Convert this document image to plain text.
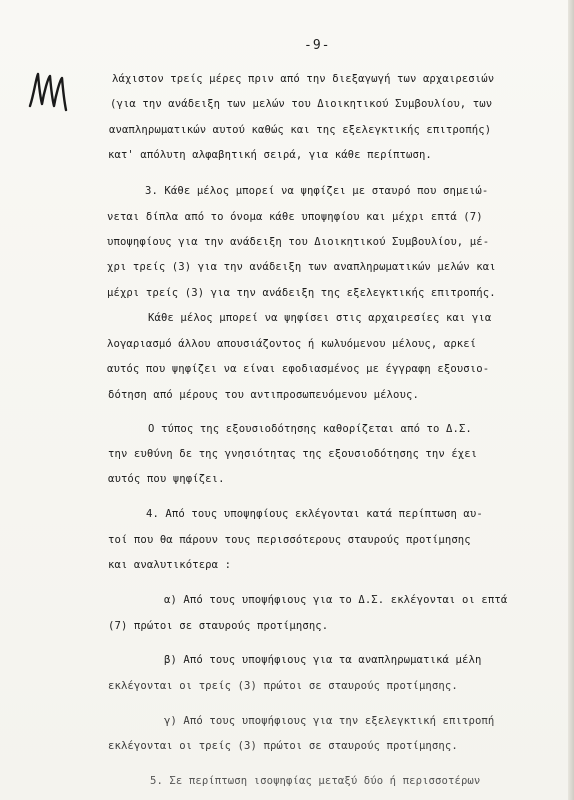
-9-
λάχιστον τρείς μέρες πριν από την διεξαγωγή των αρχαιρεσιών
(για την ανάδειξη των μελών του Διοικητικού Συμβουλίου, των
αναπληρωματικών αυτού καθώς και της εξελεγκτικής επιτροπής)
κατ' απόλυτη αλφαβητική σειρά, για κάθε περίπτωση.
3. Κάθε μέλος μπορεί να ψηφίζει με σταυρό που σημειώ-
νεται δίπλα από το όνομα κάθε υποψηφίου και μέχρι επτά (7)
υποψηφίους για την ανάδειξη του Διοικητικού Συμβουλίου, μέ-
χρι τρείς (3) για την ανάδειξη των αναπληρωματικών μελών και
μέχρι τρείς (3) για την ανάδειξη της εξελεγκτικής επιτροπής.
Κάθε μέλος μπορεί να ψηφίσει στις αρχαιρεσίες και για
λογαριασμό άλλου απουσιάζοντος ή κωλυόμενου μέλους, αρκεί
αυτός που ψηφίζει να είναι εφοδιασμένος με έγγραφη εξουσιο-
δότηση από μέρους του αντιπροσωπευόμενου μέλους.
Ο τύπος της εξουσιοδότησης καθορίζεται από το Δ.Σ.
την ευθύνη δε της γνησιότητας της εξουσιοδότησης την έχει
αυτός που ψηφίζει.
4. Από τους υποψηφίους εκλέγονται κατά περίπτωση αυ-
τοί που θα πάρουν τους περισσότερους σταυρούς προτίμησης
και αναλυτικότερα :
α) Από τους υποψήφιους για το Δ.Σ. εκλέγονται οι επτά
(7) πρώτοι σε σταυρούς προτίμησης.
β) Από τους υποψήφιους για τα αναπληρωματικά μέλη
εκλέγονται οι τρείς (3) πρώτοι σε σταυρούς προτίμησης.
γ) Από τους υποψήφιους για την εξελεγκτική επιτροπή
εκλέγονται οι τρείς (3) πρώτοι σε σταυρούς προτίμησης.
5. Σε περίπτωση ισοψηφίας μεταξύ δύο ή περισσοτέρων
